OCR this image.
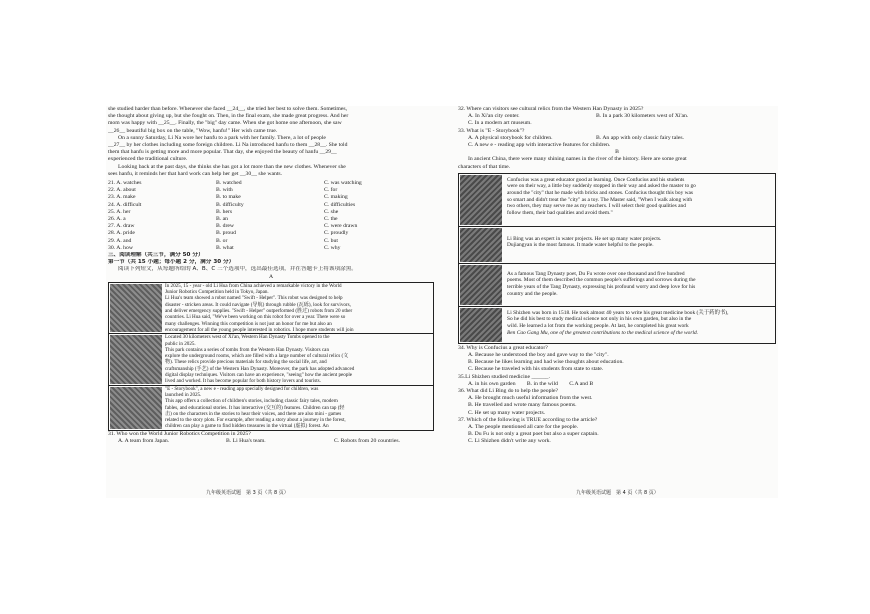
she studied harder than before. Whenever she faced __24__, she tried her best to solve them. Sometimes,

she thought about giving up, but she fought on. Then, in the final exam, she made great progress. And her

mom was happy with __25__. Finally, the "big" day came. When she got home one afternoon, she saw

__26__ beautiful big box on the table, "Wow, hanfu!" Her wish came true.

On a sunny Saturday, Li Na wore her hanfu to a park with her family. There, a lot of people

__27__ by her clothes including some foreign children. Li Na introduced hanfu to them __28__. She told

them that hanfu is getting more and more popular. That day, she enjoyed the beauty of hanfu __29__

experienced the traditional culture.

Looking back at the past days, she thinks she has got a lot more than the new clothes. Whenever she

sees hanfu, it reminds her that hard work can help her get __30__ she wants.

21. A. watches	B. watched	C. was watching
22. A. about	B. with	C. for
23. A. make	B. to make	C. making
24. A. difficult	B. difficulty	C. difficulties
25. A. her	B. hers	C. she
26. A. a	B. an	C. the
27. A. draw	B. drew	C. were drawn
28. A. pride	B. proud	C. proudly
29. A. and	B. or	C. but
30. A. how	B. what	C. why

三、阅读理解（共三节，满分 50 分）

第一节（共 15 小题；每小题 2 分，满分 30 分）

阅读下列短文，从每题所给的 A、B、C 三个选项中，选出最佳选项，并在答题卡上将该项涂黑。

A

In 2025, 15 - year - old Li Hua from China achieved a remarkable victory in the World

Junior Robotics Competition held in Tokyo, Japan.

Li Hua's team showed a robot named "Swift - Helper". This robot was designed to help

disaster - stricken areas. It could navigate (导航) through rubble (瓦砾), look for survivors,

and deliver emergency supplies. "Swift - Helper" outperformed (胜过) robots from 20 other

countries. Li Hua said, "We've been working on this robot for over a year. There were so

many challenges. Winning this competition is not just an honor for me but also an

encouragement for all the young people interested in robotics. I hope more students will join

Located 30 kilometers west of Xi'an, Western Han Dynasty Tombs opened to the

public in 2025.

This park contains a series of tombs from the Western Han Dynasty. Visitors can

explore the underground rooms, which are filled with a large number of cultural relics (文

物). These relics provide precious materials for studying the social life, art, and

craftsmanship (手艺) of the Western Han Dynasty. Moreover, the park has adopted advanced

digital display techniques. Visitors can have an experience, "seeing" how the ancient people

lived and worked. It has become popular for both history lovers and tourists.

"E - Storybook", a new e - reading app specially designed for children, was

launched in 2025.

This app offers a collection of children's stories, including classic fairy tales, modern

fables, and educational stories. It has interactive (交互的) features. Children can tap (轻

击) on the characters in the stories to hear their voices, and there are also mini - games

related to the story plots. For example, after reading a story about a journey in the forest,

children can play a game to find hidden treasures in the virtual (虚拟) forest. An

31. Who won the World Junior Robotics Competition in 2025?

A. A team from Japan.	B. Li Hua's team.	C. Robots from 20 countries.
九年级英语试题　第 3 页（共 8 页）

32. Where can visitors see cultural relics from the Western Han Dynasty in 2025?

A. In Xi'an city center.	B. In a park 30 kilometers west of Xi'an.

C. In a modern art museum.

33. What is "E - Storybook"?

A. A physical storybook for children.	B. An app with only classic fairy tales.

C. A new e - reading app with interactive features for children.

B

In ancient China, there were many shining names in the river of the history. Here are some great

characters of that time.

Confucius was a great educator good at learning. Once Confucius and his students

were on their way, a little boy suddenly stopped in their way and asked the master to go

around the "city" that he made with bricks and stones. Confucius thought this boy was

so smart and didn't treat the "city" as a toy. The Master said, "When I walk along with

two others, they may serve me as my teachers. I will select their good qualities and

follow them, their bad qualities and avoid them."

Li Bing was an expert in water projects. He set up many water projects.

Dujiangyan is the most famous. It made water helpful to the people.

As a famous Tang Dynasty poet, Du Fu wrote over one thousand and five hundred

poems. Most of them described the common people's sufferings and sorrows during the

terrible years of the Tang Dynasty, expressing his profound worry and deep love for his

country and the people.

Li Shizhen was born in 1518. He took almost 40 years to write his great medicine book (关于药的书),

So he did his best to study medical science not only in his own garden, but also in the

wild. He learned a lot from the working people. At last, he completed his great work

Ben Cao Gang Mu, one of the greatest contributions to the medical science of the world.

34. Why is Confucius a great educator?

A. Because he understood the boy and gave way to the "city".

B. Because he likes learning and had wise thoughts about education.

C. Because he traveled with his students from state to state.

35.Li Shizhen studied medicine ______.

A. in his own garden　　B. in the wild　　C.A and B

36. What did Li Bing do to help the people?

A. He brought much useful information from the west.

B. He travelled and wrote many famous poems.

C. He set up many water projects.

37. Which of the following is TRUE according to the article?

A. The people mentioned all care for the people.

B. Du Fu is not only a great poet but also a super captain.

C. Li Shizhen didn't write any work.

九年级英语试题　第 4 页（共 8 页）
